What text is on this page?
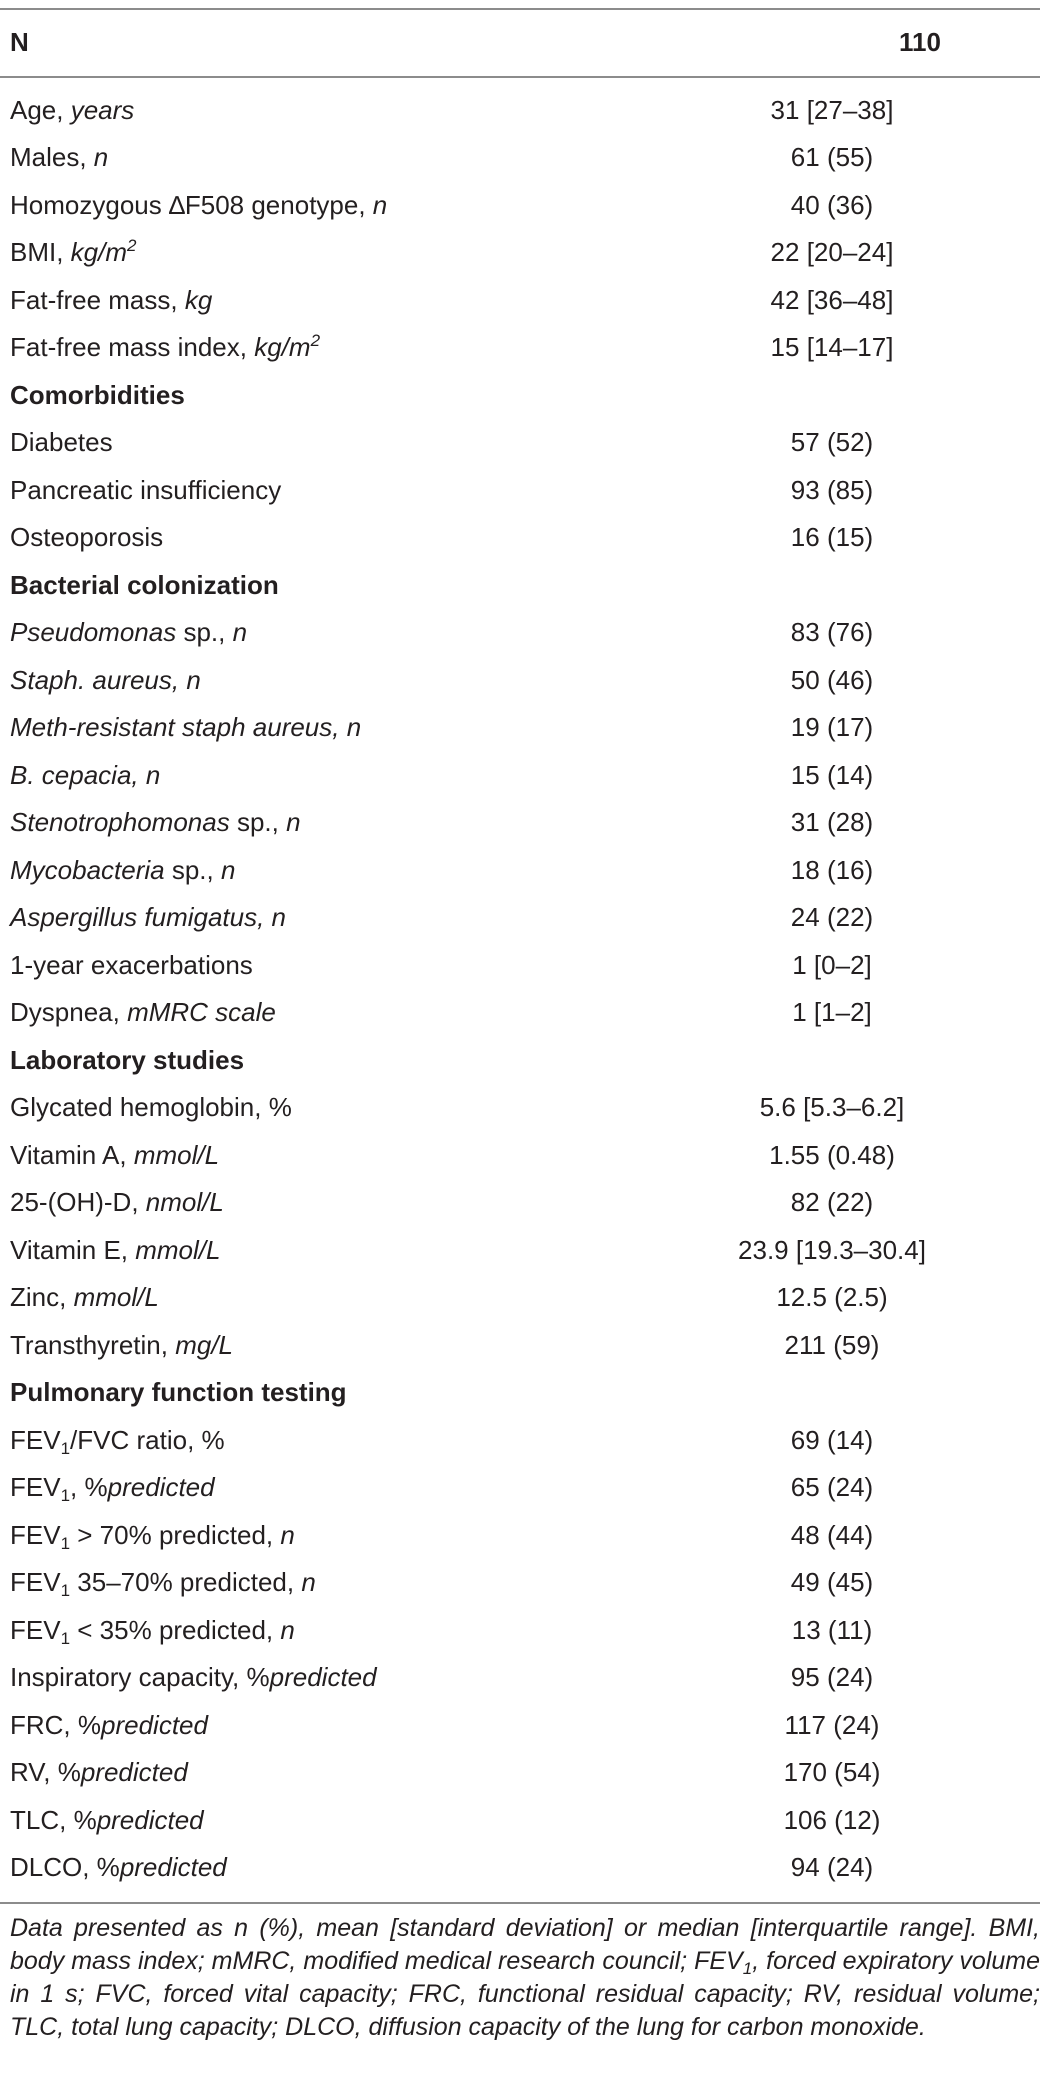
N	110
Age, years	31 [27–38]
Males, n	61 (55)
Homozygous ∆F508 genotype, n	40 (36)
BMI, $kg/m^2$	22 [20–24]
Fat-free mass, kg	42 [36–48]
Fat-free mass index, $kg/m^2$	15 [14–17]
Comorbidities
Diabetes	57 (52)
Pancreatic insufficiency	93 (85)
Osteoporosis	16 (15)
Bacterial colonization
Pseudomonas sp., n	83 (76)
Staph. aureus, n	50 (46)
Meth-resistant staph aureus, n	19 (17)
B. cepacia, n	15 (14)
Stenotrophomonas sp., n	31 (28)
Mycobacteria sp., n	18 (16)
Aspergillus fumigatus, n	24 (22)
1-year exacerbations	1 [0–2]
Dyspnea, mMRC scale	1 [1–2]
Laboratory studies
Glycated hemoglobin, %	5.6 [5.3–6.2]
Vitamin A, mmol/L	1.55 (0.48)
25-(OH)-D, nmol/L	82 (22)
Vitamin E, mmol/L	23.9 [19.3–30.4]
Zinc, mmol/L	12.5 (2.5)
Transthyretin, mg/L	211 (59)
Pulmonary function testing
$FEV_1$/FVC ratio, %	69 (14)
$FEV_1$, %predicted	65 (24)
$FEV_1 > 70\%$ predicted, n	48 (44)
$FEV_1$ 35–70% predicted, n	49 (45)
$FEV_1 < 35\%$ predicted, n	13 (11)
Inspiratory capacity, %predicted	95 (24)
FRC, %predicted	117 (24)
RV, %predicted	170 (54)
TLC, %predicted	106 (12)
DLCO, %predicted	94 (24)
Data presented as n (%), mean [standard deviation] or median [interquartile range]. BMI, body mass index; mMRC, modified medical research council; $FEV_1$, forced expiratory volume in 1 s; FVC, forced vital capacity; FRC, functional residual capacity; RV, residual volume; TLC, total lung capacity; DLCO, diffusion capacity of the lung for carbon monoxide.
